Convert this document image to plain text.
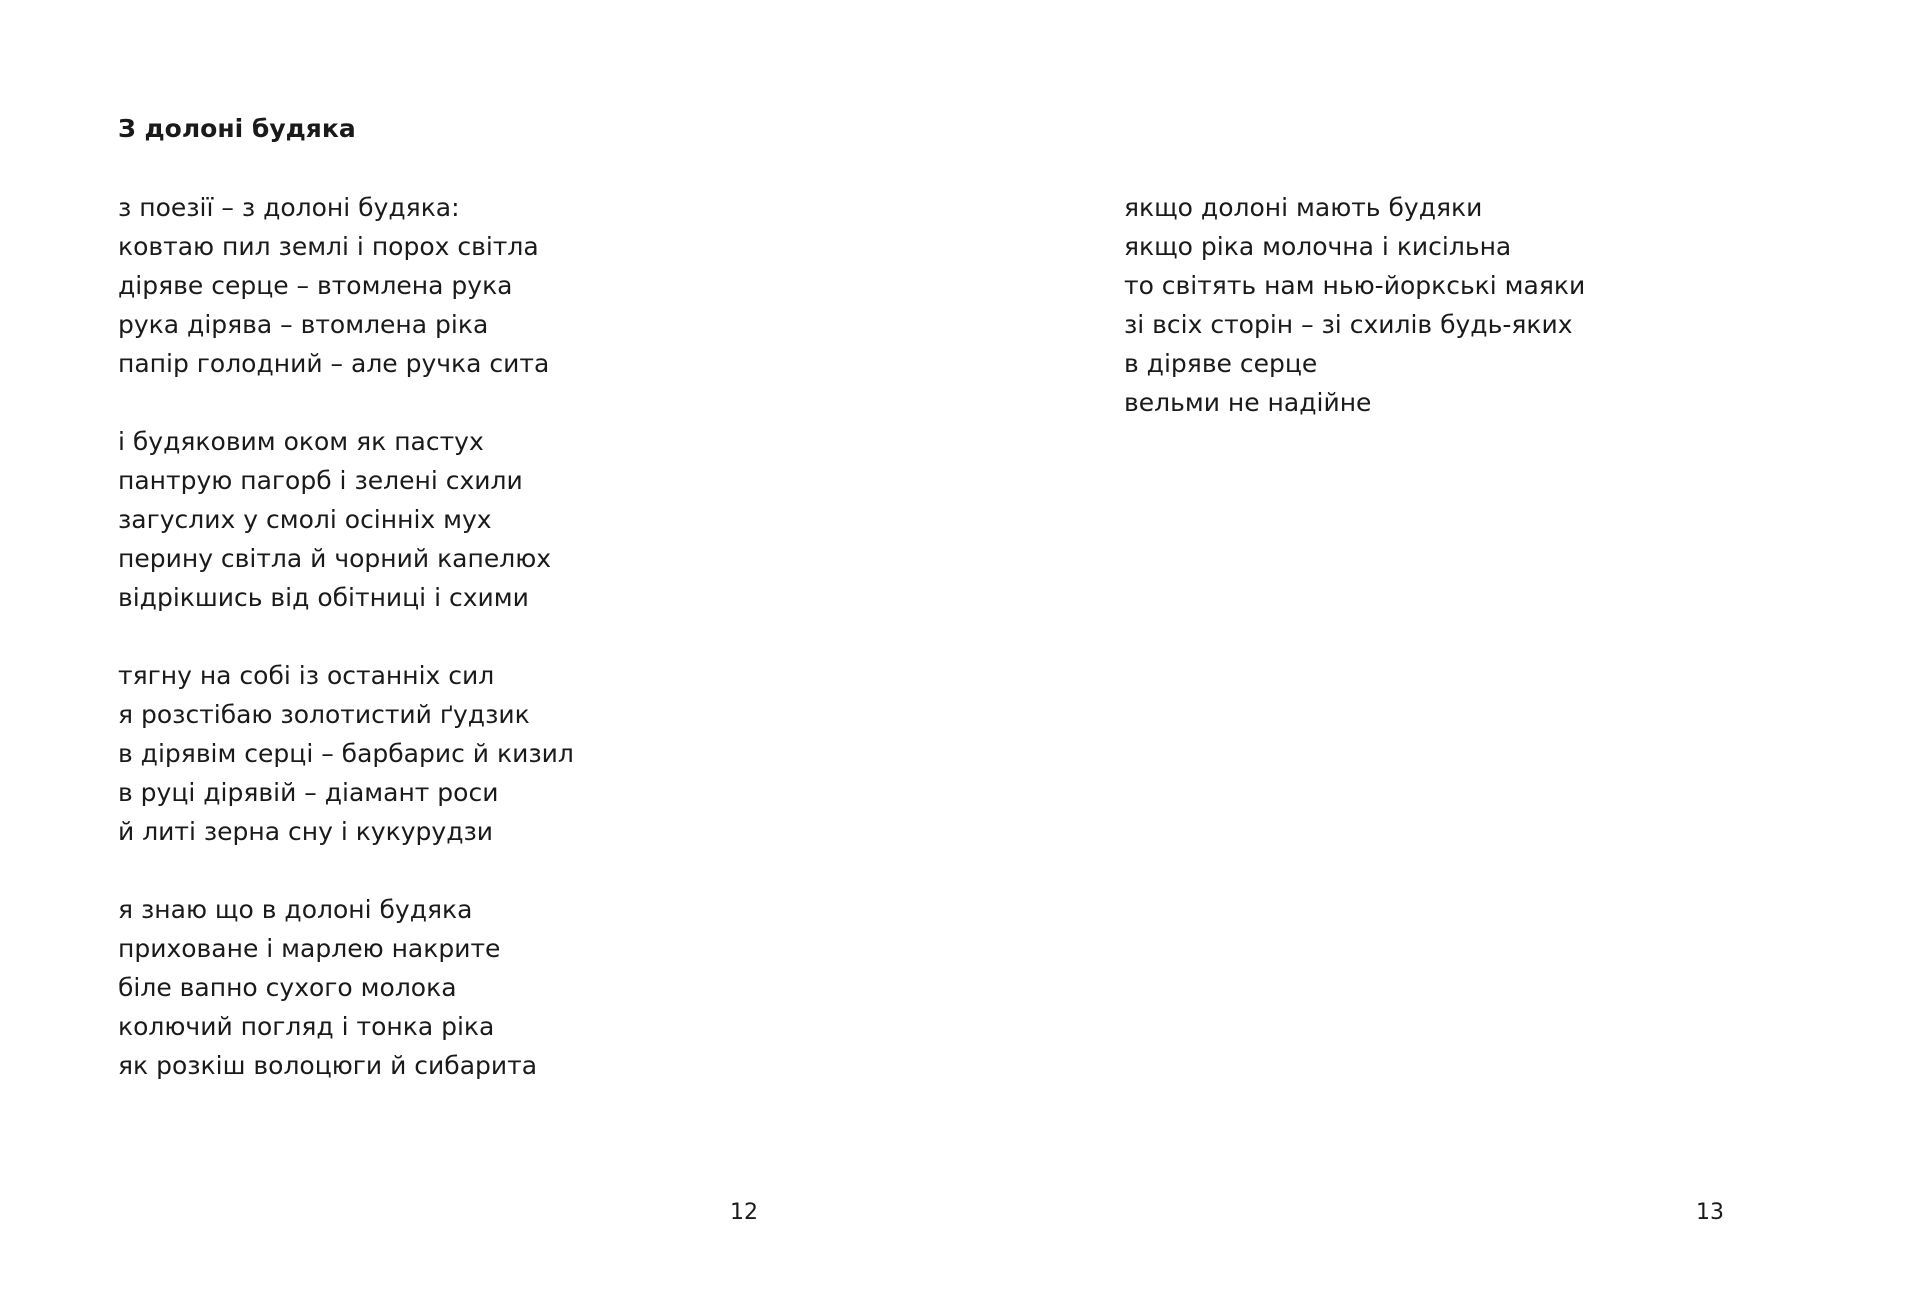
З долоні будяка
з поезії – з долоні будяка:
ковтаю пил землі і порох світла
діряве серце – втомлена рука
рука дірява – втомлена ріка
папір голодний – але ручка сита
і будяковим оком як пастух
пантрую пагорб і зелені схили
загуслих у смолі осінніх мух
перину світла й чорний капелюх
відрікшись від обітниці і схими
тягну на собі із останніх сил
я розстібаю золотистий ґудзик
в дірявім серці – барбарис й кизил
в руці дірявій – діамант роси
й литі зерна сну і кукурудзи
я знаю що в долоні будяка
приховане і марлею накрите
біле вапно сухого молока
колючий погляд і тонка ріка
як розкіш волоцюги й сибарита
12
якщо долоні мають будяки
якщо ріка молочна і кисільна
то світять нам нью-йоркські маяки
зі всіх сторін – зі схилів будь-яких
в діряве серце
вельми не надійне
13
